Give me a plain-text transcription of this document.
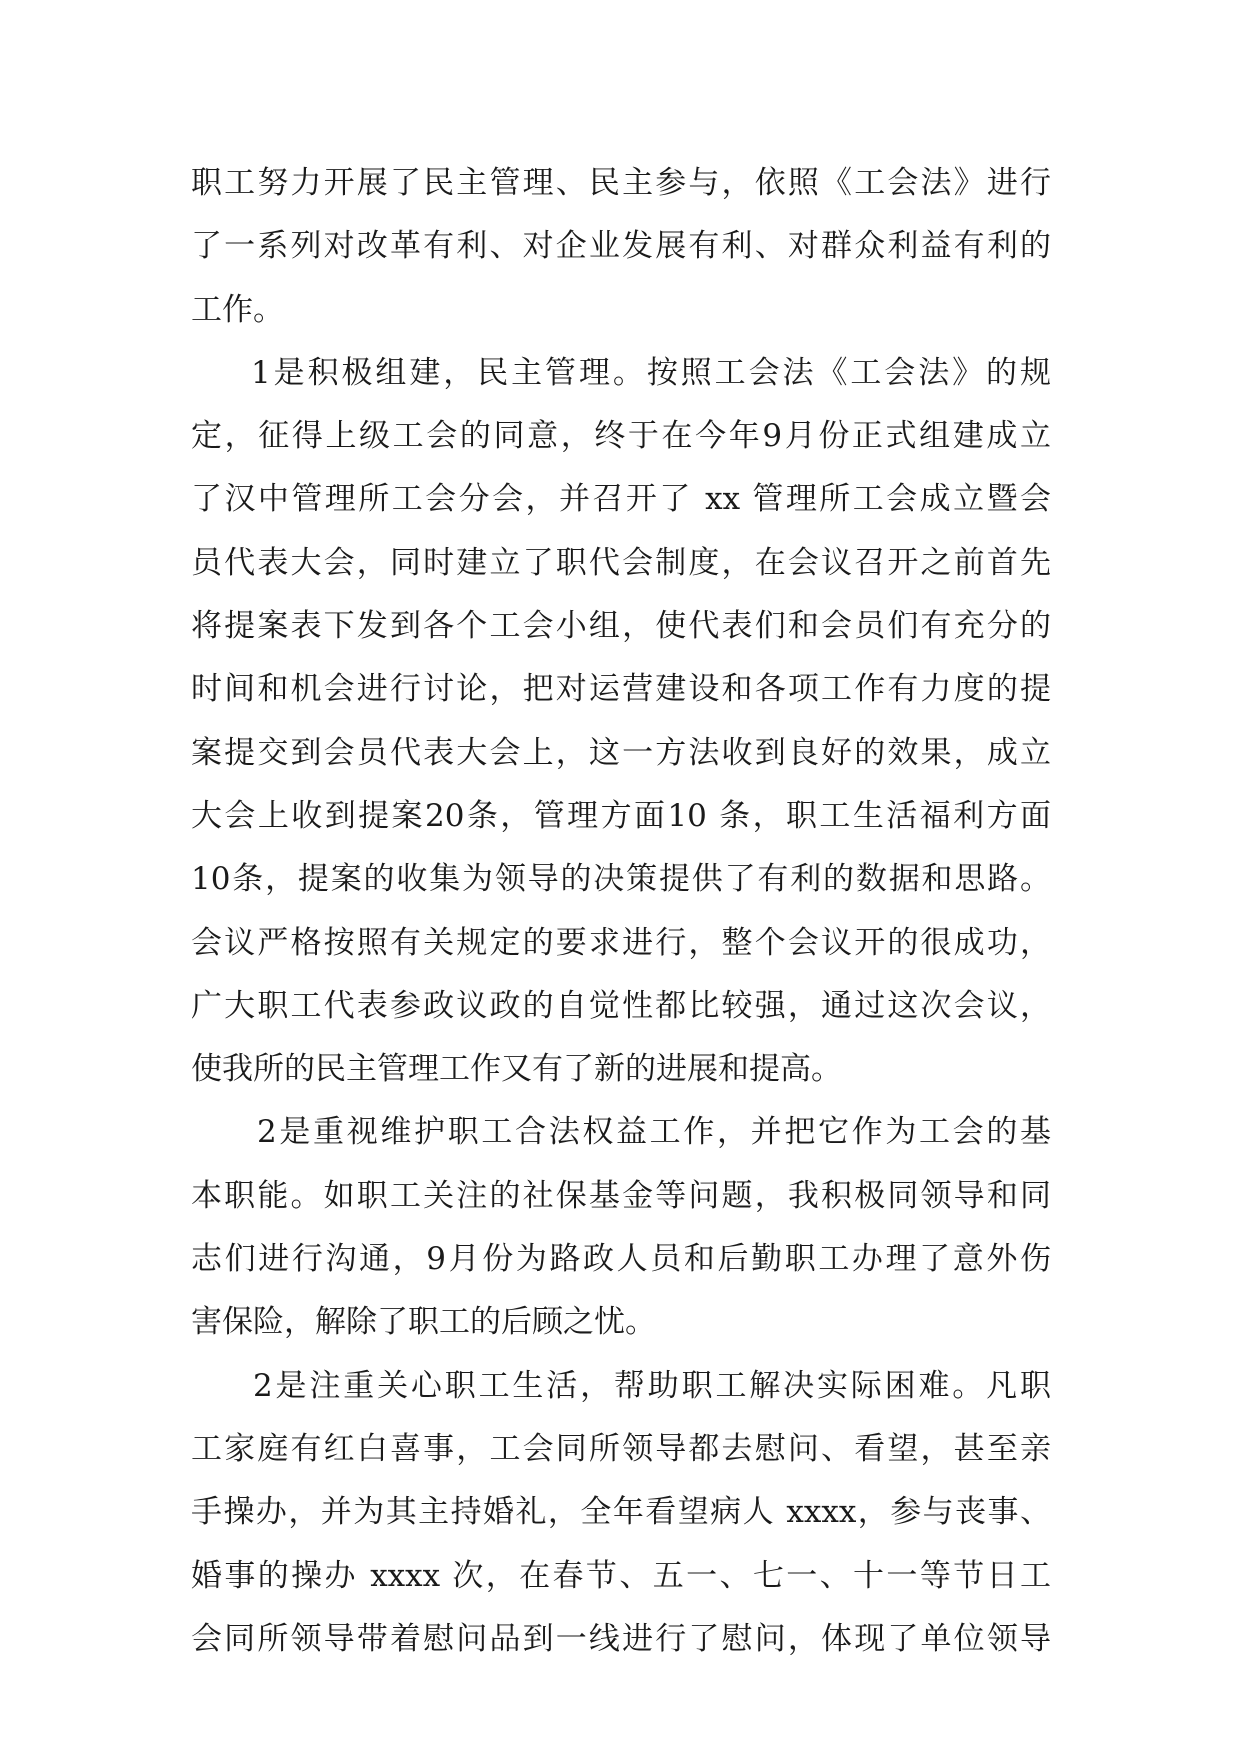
职工努力开展了民主管理、民主参与，依照《工会法》进行
了一系列对改革有利、对企业发展有利、对群众利益有利的
工作。
1是积极组建，民主管理。按照工会法《工会法》的规
定，征得上级工会的同意，终于在今年9月份正式组建成立
了汉中管理所工会分会，并召开了 xx 管理所工会成立暨会
员代表大会，同时建立了职代会制度，在会议召开之前首先
将提案表下发到各个工会小组，使代表们和会员们有充分的
时间和机会进行讨论，把对运营建设和各项工作有力度的提
案提交到会员代表大会上，这一方法收到良好的效果，成立
大会上收到提案20条，管理方面10 条，职工生活福利方面
10条，提案的收集为领导的决策提供了有利的数据和思路。
会议严格按照有关规定的要求进行，整个会议开的很成功，
广大职工代表参政议政的自觉性都比较强，通过这次会议，
使我所的民主管理工作又有了新的进展和提高。
2是重视维护职工合法权益工作，并把它作为工会的基
本职能。如职工关注的社保基金等问题，我积极同领导和同
志们进行沟通，9月份为路政人员和后勤职工办理了意外伤
害保险，解除了职工的后顾之忧。
2是注重关心职工生活，帮助职工解决实际困难。凡职
工家庭有红白喜事，工会同所领导都去慰问、看望，甚至亲
手操办，并为其主持婚礼，全年看望病人 xxxx，参与丧事、
婚事的操办 xxxx 次，在春节、五一、七一、十一等节日工
会同所领导带着慰问品到一线进行了慰问，体现了单位领导
